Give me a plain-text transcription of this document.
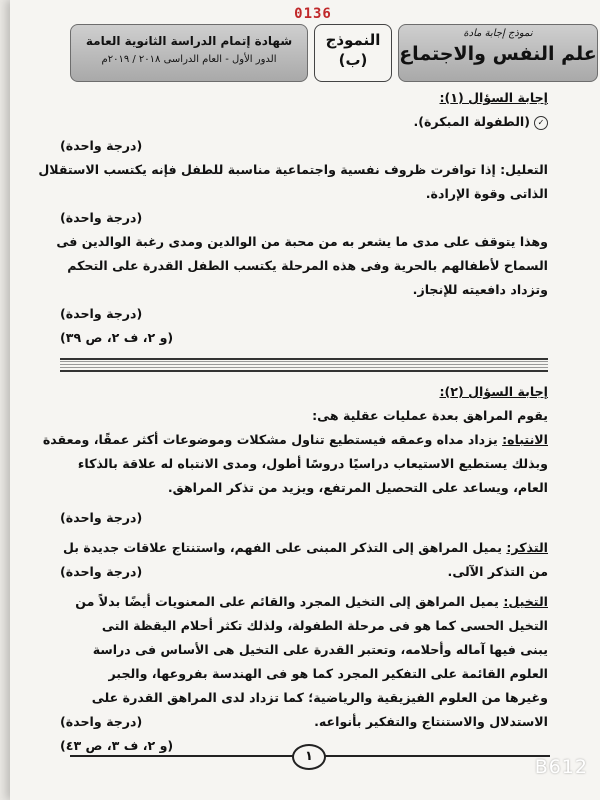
0136
نموذج إجابة مادة
علم النفس والاجتماع
النموذج
(ب)
شهادة إتمام الدراسة الثانوية العامة
الدور الأول - العام الدراسى ٢٠١٨ / ٢٠١٩م
إجابة السؤال (١):
✓(الطفولة المبكرة).
(درجة واحدة)
التعليل: إذا توافرت ظروف نفسية واجتماعية مناسبة للطفل فإنه يكتسب الاستقلال
الذاتى وقوة الإرادة.
(درجة واحدة)
وهذا يتوقف على مدى ما يشعر به من محبة من الوالدين ومدى رغبة الوالدين فى
السماح لأطفالهم بالحرية وفى هذه المرحلة يكتسب الطفل القدرة على التحكم
وتزداد دافعيته للإنجاز.
(درجة واحدة)
(و ٢، ف ٢، ص ٣٩)
إجابة السؤال (٢):
يقوم المراهق بعدة عمليات عقلية هى:
الانتباه: يزداد مداه وعمقه فيستطيع تناول مشكلات وموضوعات أكثر عمقًا، ومعقدة
وبذلك يستطيع الاستيعاب دراسيًا دروسًا أطول، ومدى الانتباه له علاقة بالذكاء
العام، ويساعد على التحصيل المرتفع، ويزيد من تذكر المراهق.
(درجة واحدة)
التذكر: يميل المراهق إلى التذكر المبنى على الفهم، واستنتاج علاقات جديدة بل
من التذكر الآلى.
(درجة واحدة)
التخيل: يميل المراهق إلى التخيل المجرد والقائم على المعنويات أيضًا بدلاً من
التخيل الحسى كما هو فى مرحلة الطفولة، ولذلك تكثر أحلام اليقظة التى
يبنى فيها آماله وأحلامه، وتعتبر القدرة على التخيل هى الأساس فى دراسة
العلوم القائمة على التفكير المجرد كما هو فى الهندسة بفروعها، والجبر
وغيرها من العلوم الفيزيقية والرياضية؛ كما تزداد لدى المراهق القدرة على
الاستدلال والاستنتاج والتفكير بأنواعه.
(درجة واحدة)
(و ٢، ف ٣، ص ٤٣)
١	B612
